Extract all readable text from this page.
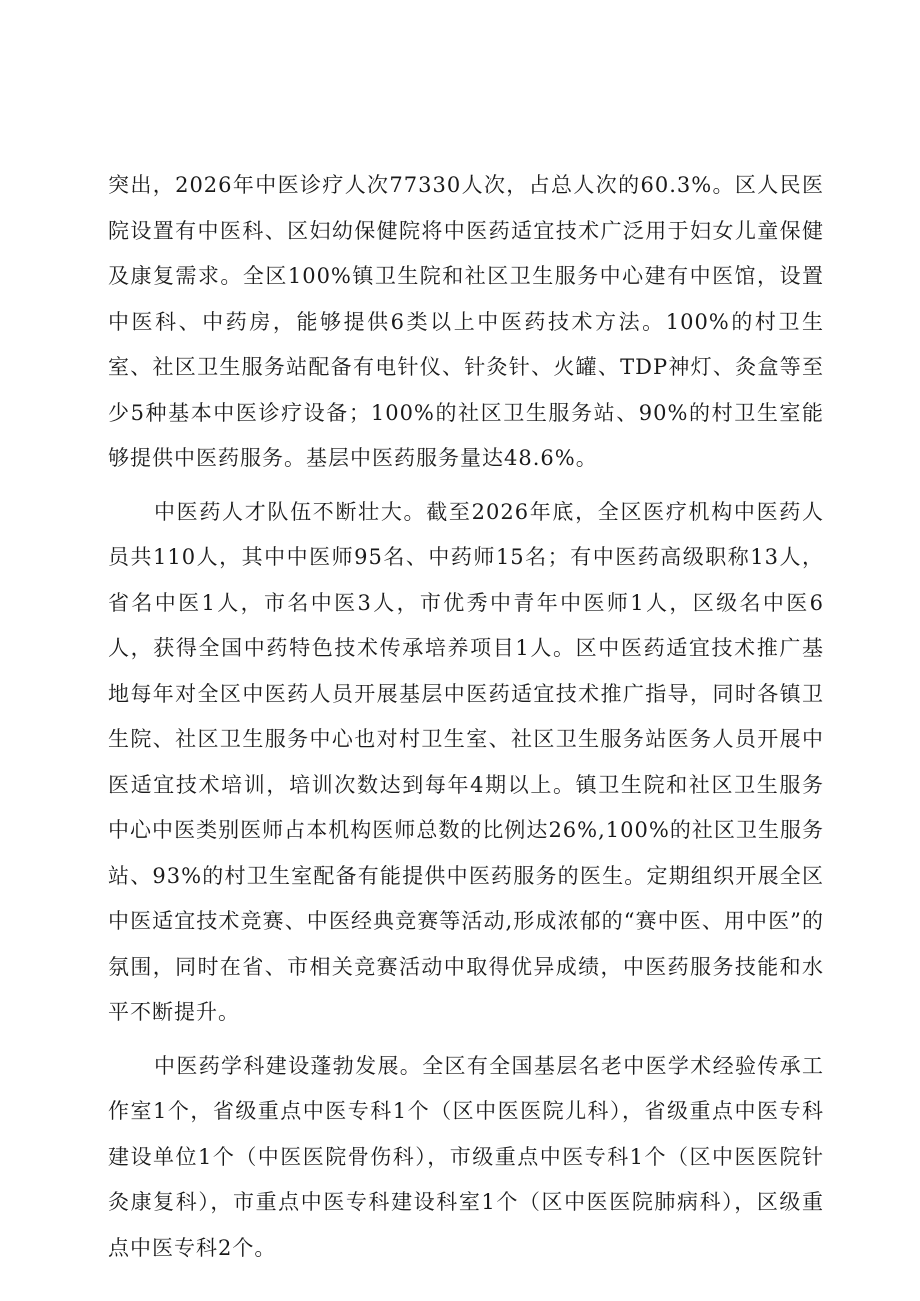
突出，2026年中医诊疗人次77330人次，占总人次的60.3%。区人民医院设置有中医科、区妇幼保健院将中医药适宜技术广泛用于妇女儿童保健及康复需求。全区100%镇卫生院和社区卫生服务中心建有中医馆，设置中医科、中药房，能够提供6类以上中医药技术方法。100%的村卫生室、社区卫生服务站配备有电针仪、针灸针、火罐、TDP神灯、灸盒等至少5种基本中医诊疗设备；100%的社区卫生服务站、90%的村卫生室能够提供中医药服务。基层中医药服务量达48.6%。

中医药人才队伍不断壮大。截至2026年底，全区医疗机构中医药人员共110人，其中中医师95名、中药师15名；有中医药高级职称13人，省名中医1人，市名中医3人，市优秀中青年中医师1人，区级名中医6人，获得全国中药特色技术传承培养项目1人。区中医药适宜技术推广基地每年对全区中医药人员开展基层中医药适宜技术推广指导，同时各镇卫生院、社区卫生服务中心也对村卫生室、社区卫生服务站医务人员开展中医适宜技术培训，培训次数达到每年4期以上。镇卫生院和社区卫生服务中心中医类别医师占本机构医师总数的比例达26%,100%的社区卫生服务站、93%的村卫生室配备有能提供中医药服务的医生。定期组织开展全区中医适宜技术竞赛、中医经典竞赛等活动,形成浓郁的“赛中医、用中医”的氛围，同时在省、市相关竞赛活动中取得优异成绩，中医药服务技能和水平不断提升。

中医药学科建设蓬勃发展。全区有全国基层名老中医学术经验传承工作室1个，省级重点中医专科1个（区中医医院儿科），省级重点中医专科建设单位1个（中医医院骨伤科），市级重点中医专科1个（区中医医院针灸康复科），市重点中医专科建设科室1个（区中医医院肺病科），区级重点中医专科2个。
